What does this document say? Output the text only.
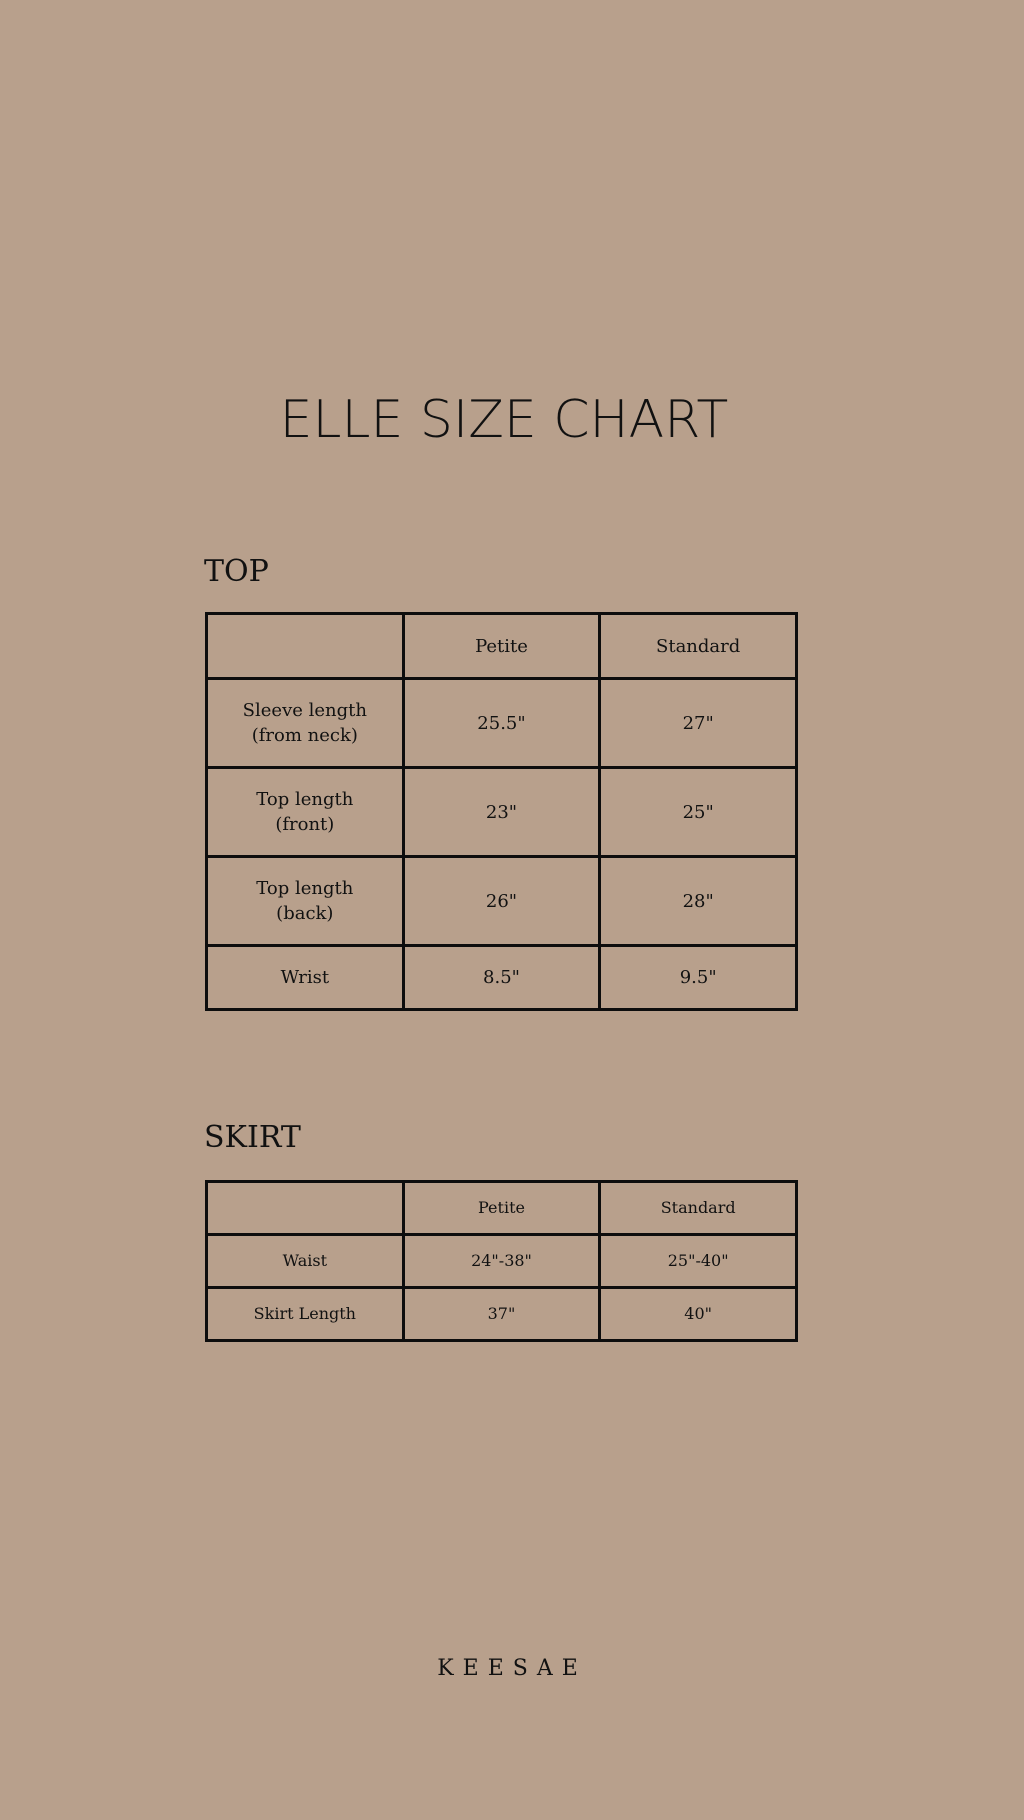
ELLE SIZE CHART
TOP
	Petite	Standard

Sleeve length
(from neck)	25.5"	27"

Top length
(front)	23"	25"

Top length
(back)	26"	28"

Wrist	8.5"	9.5"
SKIRT
	Petite	Standard
Waist	24"-38"	25"-40"
Skirt Length	37"	40"

KEESAE
